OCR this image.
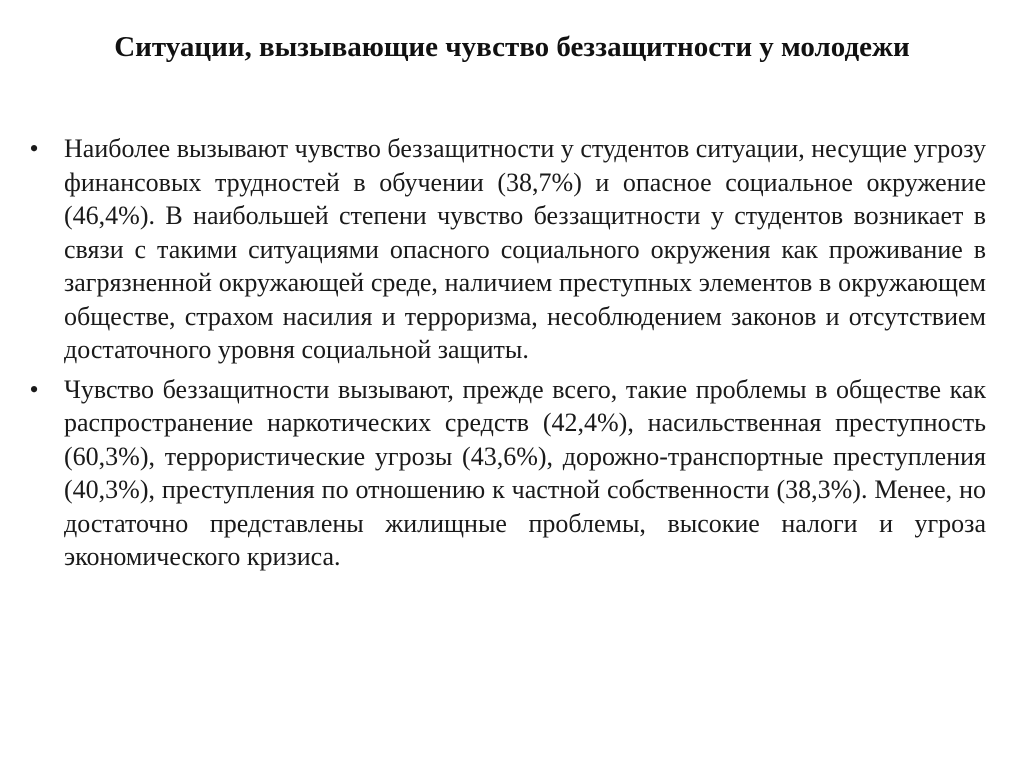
Ситуации, вызывающие чувство беззащитности у молодежи
• Наиболее вызывают чувство беззащитности у студентов ситуации, несущие угрозу финансовых трудностей в обучении (38,7%) и опасное социальное окружение (46,4%). В наибольшей степени чувство беззащитности у студентов возникает в связи с такими ситуациями опасного социального окружения как проживание в загрязненной окружающей среде, наличием преступных элементов в окружающем обществе, страхом насилия и терроризма, несоблюдением законов и отсутствием достаточного уровня социальной защиты.
• Чувство беззащитности вызывают, прежде всего, такие проблемы в обществе как распространение наркотических средств (42,4%), насильственная преступность (60,3%), террористические угрозы (43,6%), дорожно-транспортные преступления (40,3%), преступления по отношению к частной собственности (38,3%). Менее, но достаточно представлены жилищные проблемы, высокие налоги и угроза экономического кризиса.
